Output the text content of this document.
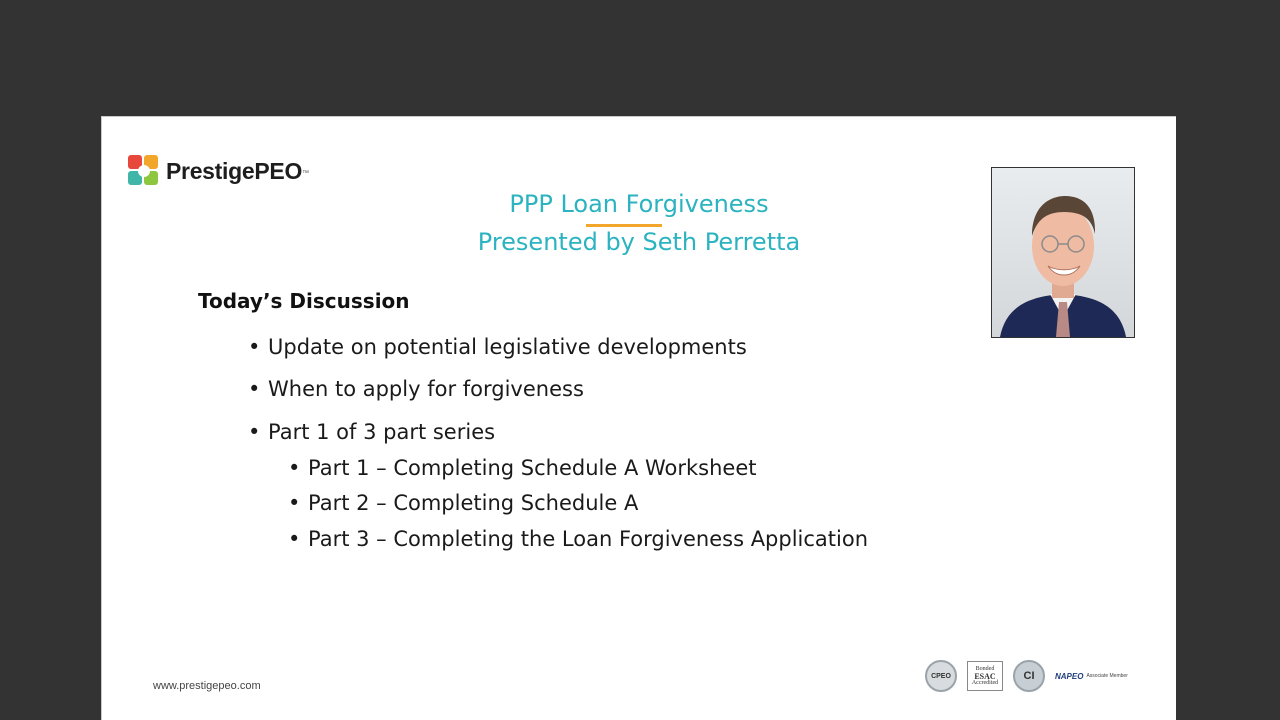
PrestigePEO ™
PPP Loan Forgiveness
Presented by Seth Perretta
Today’s Discussion
• Update on potential legislative developments
• When to apply for forgiveness
• Part 1 of 3 part series
• Part 1 – Completing Schedule A Worksheet
• Part 2 – Completing Schedule A
• Part 3 – Completing the Loan Forgiveness Application
www.prestigepeo.com
CPEO
Bonded
ESAC
Accredited
CI	NAPEO Associate Member
